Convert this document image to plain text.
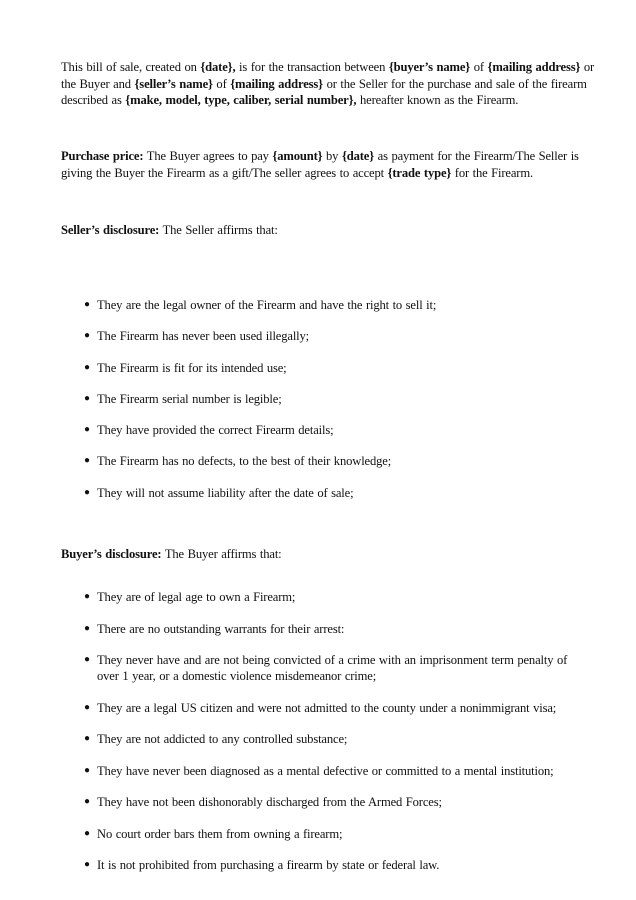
This bill of sale, created on {date}, is for the transaction between {buyer’s name} of {mailing address} or the Buyer and {seller’s name} of {mailing address} or the Seller for the purchase and sale of the firearm described as {make, model, type, caliber, serial number}, hereafter known as the Firearm.

Purchase price: The Buyer agrees to pay {amount} by {date} as payment for the Firearm/The Seller is giving the Buyer the Firearm as a gift/The seller agrees to accept {trade type} for the Firearm.

Seller’s disclosure: The Seller affirms that:

● They are the legal owner of the Firearm and have the right to sell it;
● The Firearm has never been used illegally;
● The Firearm is fit for its intended use;
● The Firearm serial number is legible;
● They have provided the correct Firearm details;
● The Firearm has no defects, to the best of their knowledge;
● They will not assume liability after the date of sale;

Buyer’s disclosure: The Buyer affirms that:

● They are of legal age to own a Firearm;
● There are no outstanding warrants for their arrest:
● They never have and are not being convicted of a crime with an imprisonment term penalty of over 1 year, or a domestic violence misdemeanor crime;
● They are a legal US citizen and were not admitted to the county under a nonimmigrant visa;
● They are not addicted to any controlled substance;
● They have never been diagnosed as a mental defective or committed to a mental institution;
● They have not been dishonorably discharged from the Armed Forces;
● No court order bars them from owning a firearm;
● It is not prohibited from purchasing a firearm by state or federal law.
